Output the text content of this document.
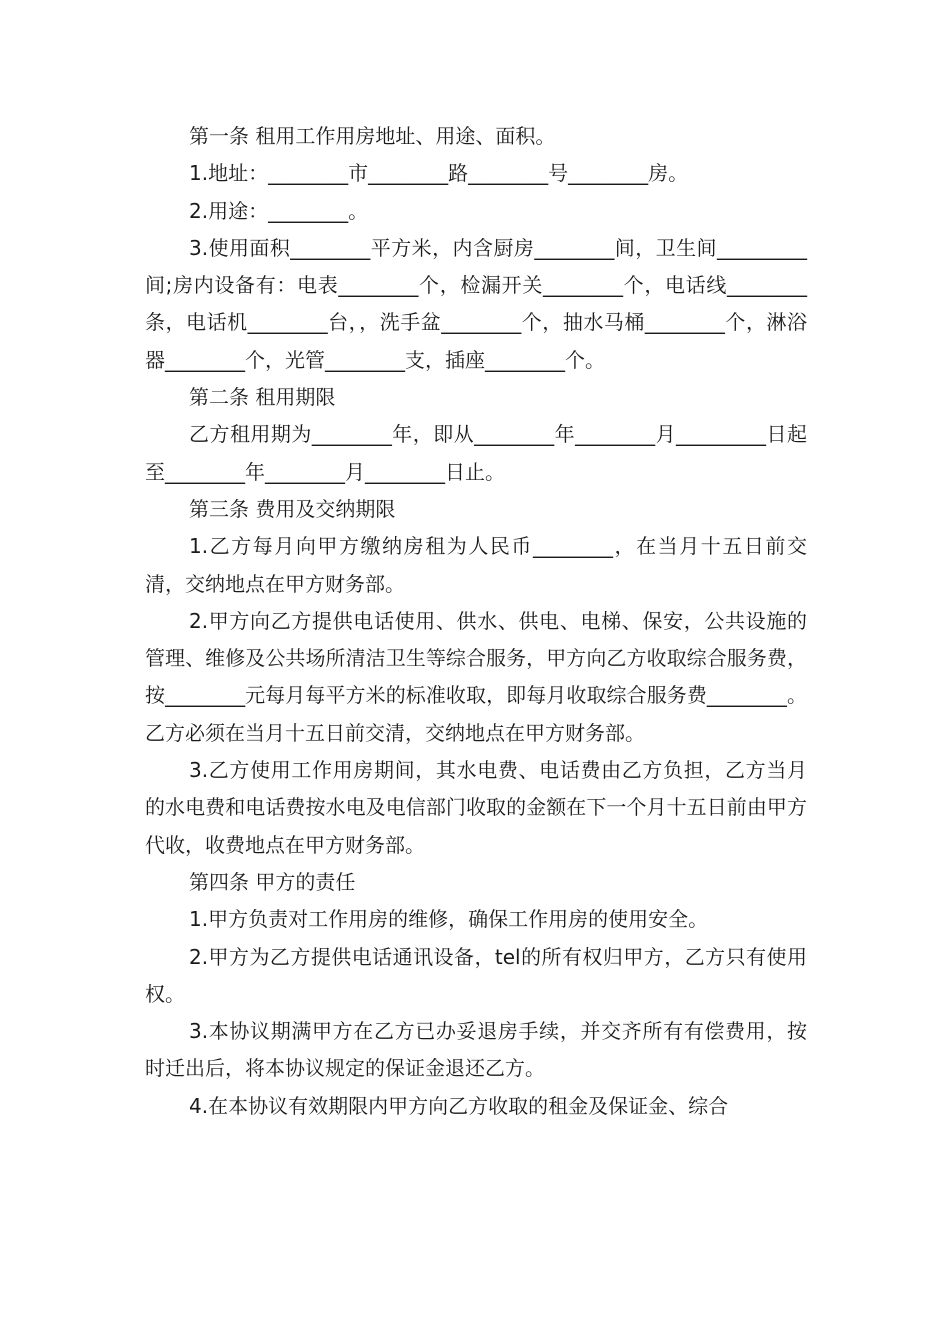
第一条 租用工作用房地址、用途、面积。

1.地址：________市________路________号________房。

2.用途：________。

3.使用面积________平方米，内含厨房________间，卫生间_________间;房内设备有：电表________个，检漏开关________个，电话线________条，电话机________台，，洗手盆________个，抽水马桶________个，淋浴器________个，光管________支，插座________个。

第二条 租用期限

乙方租用期为________年，即从________年________月_________日起至________年________月________日止。

第三条 费用及交纳期限

1.乙方每月向甲方缴纳房租为人民币________，在当月十五日前交清，交纳地点在甲方财务部。

2.甲方向乙方提供电话使用、供水、供电、电梯、保安，公共设施的管理、维修及公共场所清洁卫生等综合服务，甲方向乙方收取综合服务费，按________元每月每平方米的标准收取，即每月收取综合服务费________。乙方必须在当月十五日前交清，交纳地点在甲方财务部。

3.乙方使用工作用房期间，其水电费、电话费由乙方负担，乙方当月的水电费和电话费按水电及电信部门收取的金额在下一个月十五日前由甲方代收，收费地点在甲方财务部。

第四条 甲方的责任

1.甲方负责对工作用房的维修，确保工作用房的使用安全。

2.甲方为乙方提供电话通讯设备，tel的所有权归甲方，乙方只有使用权。

3.本协议期满甲方在乙方已办妥退房手续，并交齐所有有偿费用，按时迁出后，将本协议规定的保证金退还乙方。

4.在本协议有效期限内甲方向乙方收取的租金及保证金、综合
